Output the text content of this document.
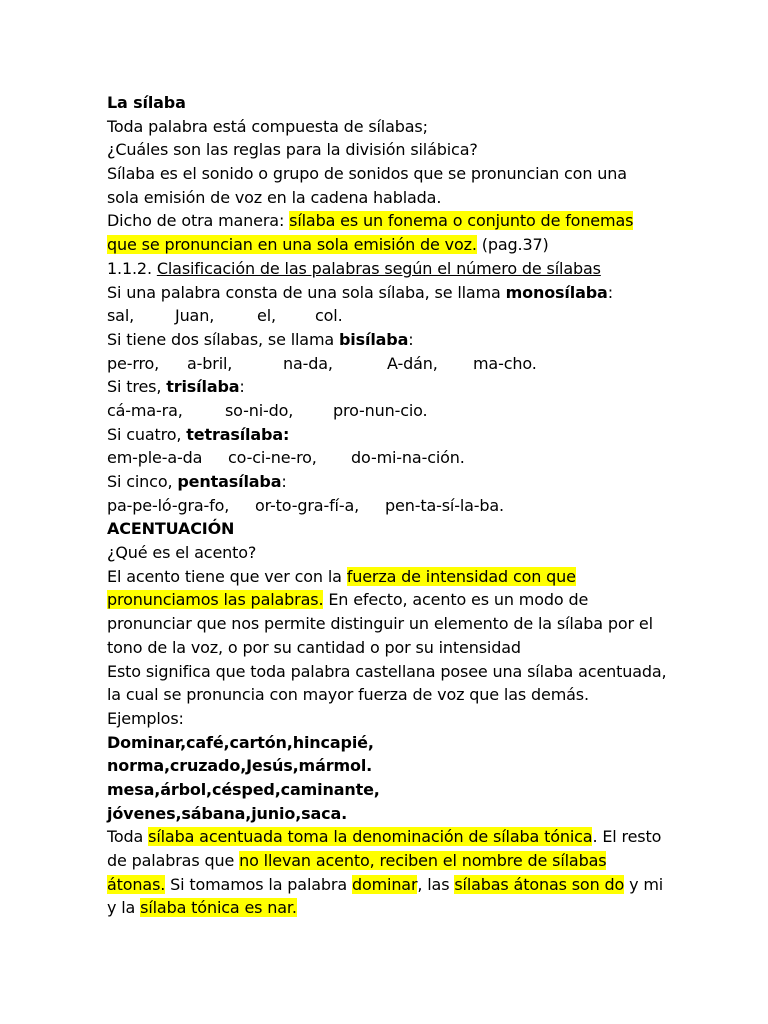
La sílaba
Toda palabra está compuesta de sílabas;
¿Cuáles son las reglas para la división silábica?
Sílaba es el sonido o grupo de sonidos que se pronuncian con una
sola emisión de voz en la cadena hablada.
Dicho de otra manera: sílaba es un fonema o conjunto de fonemas
que se pronuncian en una sola emisión de voz. (pag.37)
1.1.2. Clasificación de las palabras según el número de sílabas
Si una palabra consta de una sola sílaba, se llama monosílaba:
sal,	Juan,	el, col.
Si tiene dos sílabas, se llama bisílaba:
pe-rro, a-bril,	na-da,	A-dán, ma-cho.
Si tres, trisílaba:
cá-ma-ra,	so-ni-do, pro-nun-cio.
Si cuatro, tetrasílaba:
em-ple-a-da co-ci-ne-ro, do-mi-na-ción.
Si cinco, pentasílaba:
pa-pe-ló-gra-fo, or-to-gra-fí-a, pen-ta-sí-la-ba.
ACENTUACIÓN
¿Qué es el acento?
El acento tiene que ver con la fuerza de intensidad con que
pronunciamos las palabras. En efecto, acento es un modo de
pronunciar que nos permite distinguir un elemento de la sílaba por el
tono de la voz, o por su cantidad o por su intensidad
Esto significa que toda palabra castellana posee una sílaba acentuada,
la cual se pronuncia con mayor fuerza de voz que las demás.
Ejemplos:
Dominar,café,cartón,hincapié,
norma,cruzado,Jesús,mármol.
mesa,árbol,césped,caminante,
jóvenes,sábana,junio,saca.
Toda sílaba acentuada toma la denominación de sílaba tónica. El resto
de palabras que no llevan acento, reciben el nombre de sílabas
átonas. Si tomamos la palabra dominar, las sílabas átonas son do y mi
y la sílaba tónica es nar.
